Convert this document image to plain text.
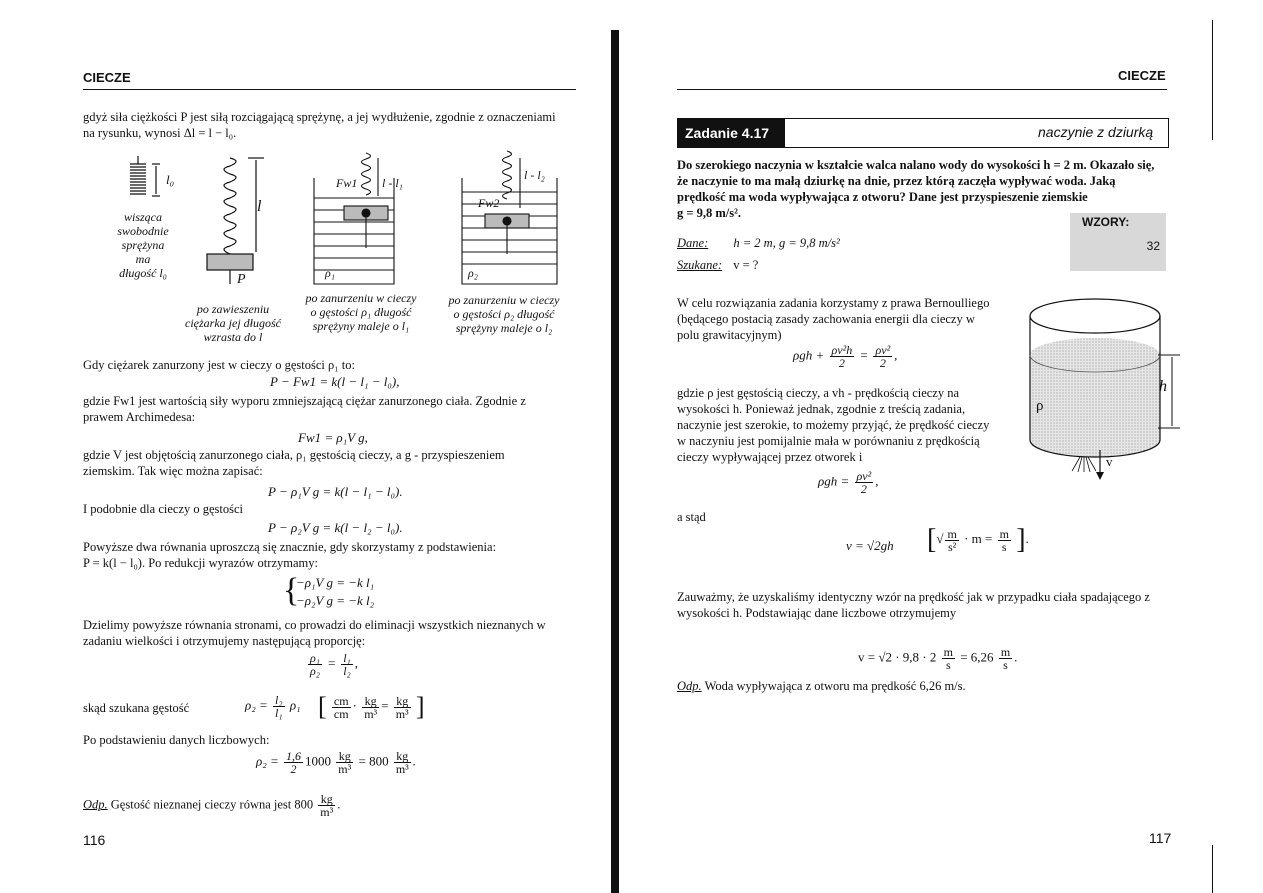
CIECZE
gdyż siła ciężkości P jest siłą rozciągającą sprężynę, a jej wydłużenie, zgodnie z oznaczeniami
na rysunku, wynosi Δl = l − l₀.
l₀
l
P
Fw1 l - l₁
ρ₁
Fw2
l - l₂
ρ₂
wisząca
swobodnie
sprężyna
ma
długość l₀
po zawieszeniu
ciężarka jej długość
wzrasta do l
po zanurzeniu w cieczy
o gęstości ρ₁ długość
sprężyny maleje o l₁
po zanurzeniu w cieczy
o gęstości ρ₂ długość
sprężyny maleje o l₂
Gdy ciężarek zanurzony jest w cieczy o gęstości ρ₁ to:
P − Fw1 = k(l − l₁ − l₀),
gdzie Fw1 jest wartością siły wyporu zmniejszającą ciężar zanurzonego ciała. Zgodnie z
prawem Archimedesa:
Fw1 = ρ₁V g,
gdzie V jest objętością zanurzonego ciała, ρ₁ gęstością cieczy, a g - przyspieszeniem
ziemskim. Tak więc można zapisać:
P − ρ₁V g = k(l − l₁ − l₀).
I podobnie dla cieczy o gęstości
P − ρ₂V g = k(l − l₂ − l₀).
Powyższe dwa równania uproszczą się znacznie, gdy skorzystamy z podstawienia:
P = k(l − l₀). Po redukcji wyrazów otrzymamy:
{
−ρ₁V g = −k l₁
−ρ₂V g = −k l₂
Dzielimy powyższe równania stronami, co prowadzi do eliminacji wszystkich nieznanych w
zadaniu wielkości i otrzymujemy następującą proporcję:
$\frac{\text{ρ₁}}{\text{ρ₂}} = \frac{\text{l₁}}{\text{l₂}}$ ,
skąd szukana gęstość	$\rho_2 = \frac{\text{l₂}}{\text{l₁}} \rho_1$ [ $\frac{cm}{cm} \cdot \frac{kg}{\text{m³}} = \frac{kg}{\text{m³}}$ ]
Po podstawieniu danych liczbowych:
$\rho_2 = \frac{1,6}{2} 1000 \frac{kg}{\text{m³}} = 800 \frac{kg}{\text{m³}}$ .
Odp. Gęstość nieznanej cieczy równa jest $800 \frac{kg}{\text{m³}}$ .
116
CIECZE
Zadanie 4.17	naczynie z dziurką
Do szerokiego naczynia w kształcie walca nalano wody do wysokości h = 2 m. Okazało się,
że naczynie to ma małą dziurkę na dnie, przez którą zaczęła wypływać woda. Jaką
prędkość ma woda wypływająca z otworu? Dane jest przyspieszenie ziemskie
g = 9,8 m/s².
WZORY:
32
Dane: h = 2 m, g = 9,8 m/s²
Szukane: v = ?
W celu rozwiązania zadania korzystamy z prawa Bernoulliego
(będącego postacią zasady zachowania energii dla cieczy w
polu grawitacyjnym)
$\rho gh + \frac{\text{ρv²h}}{2} = \frac{\text{ρv²}}{2}$ ,
h
ρ
v
gdzie ρ jest gęstością cieczy, a vh - prędkością cieczy na
wysokości h. Ponieważ jednak, zgodnie z treścią zadania,
naczynie jest szerokie, to możemy przyjąć, że prędkość cieczy
w naczyniu jest pomijalnie mała w porównaniu z prędkością
cieczy wypływającej przez otworek i
$\rho gh = \frac{\text{ρv²}}{2}$ ,
a stąd
v = √2gh [√ $\frac{m}{\text{s²}} \cdot m = \frac{m}{s}$ ].
Zauważmy, że uzyskaliśmy identyczny wzór na prędkość jak w przypadku ciała spadającego z
wysokości h. Podstawiając dane liczbowe otrzymujemy
$v = √2 \cdot 9,8 \cdot 2 \frac{m}{s} = 6,26 \frac{m}{s}$ .
Odp. Woda wypływająca z otworu ma prędkość 6,26 m/s.
117
